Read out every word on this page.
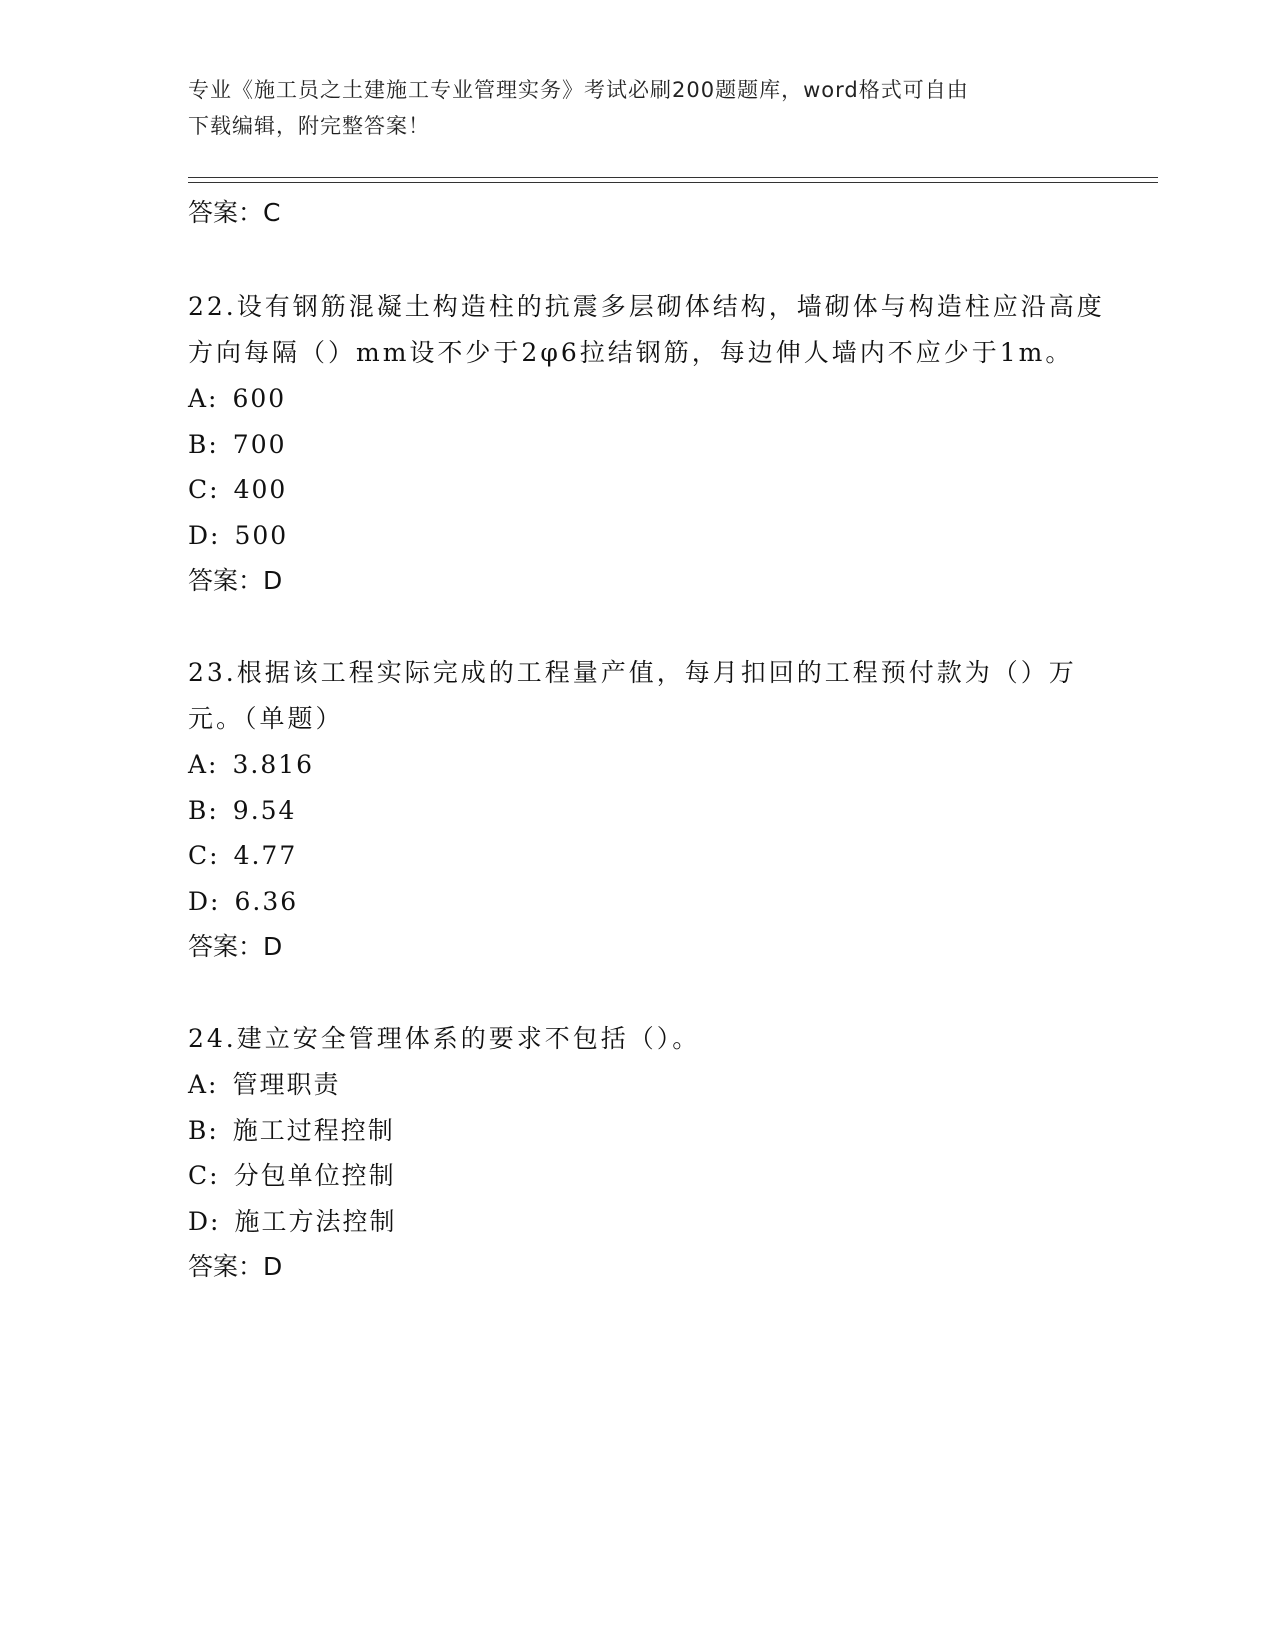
专业《施工员之土建施工专业管理实务》考试必刷200题题库，word格式可自由
下载编辑，附完整答案！
答案：C

22.设有钢筋混凝土构造柱的抗震多层砌体结构，墙砌体与构造柱应沿高度方向每隔（）mm设不少于2φ6拉结钢筋，每边伸人墙内不应少于1m。

A: 600
B: 700
C: 400
D: 500
答案：D

23.根据该工程实际完成的工程量产值，每月扣回的工程预付款为（）万元。（单题）

A: 3.816
B: 9.54
C: 4.77
D: 6.36
答案：D

24.建立安全管理体系的要求不包括（）。

A: 管理职责
B: 施工过程控制
C: 分包单位控制
D: 施工方法控制
答案：D
